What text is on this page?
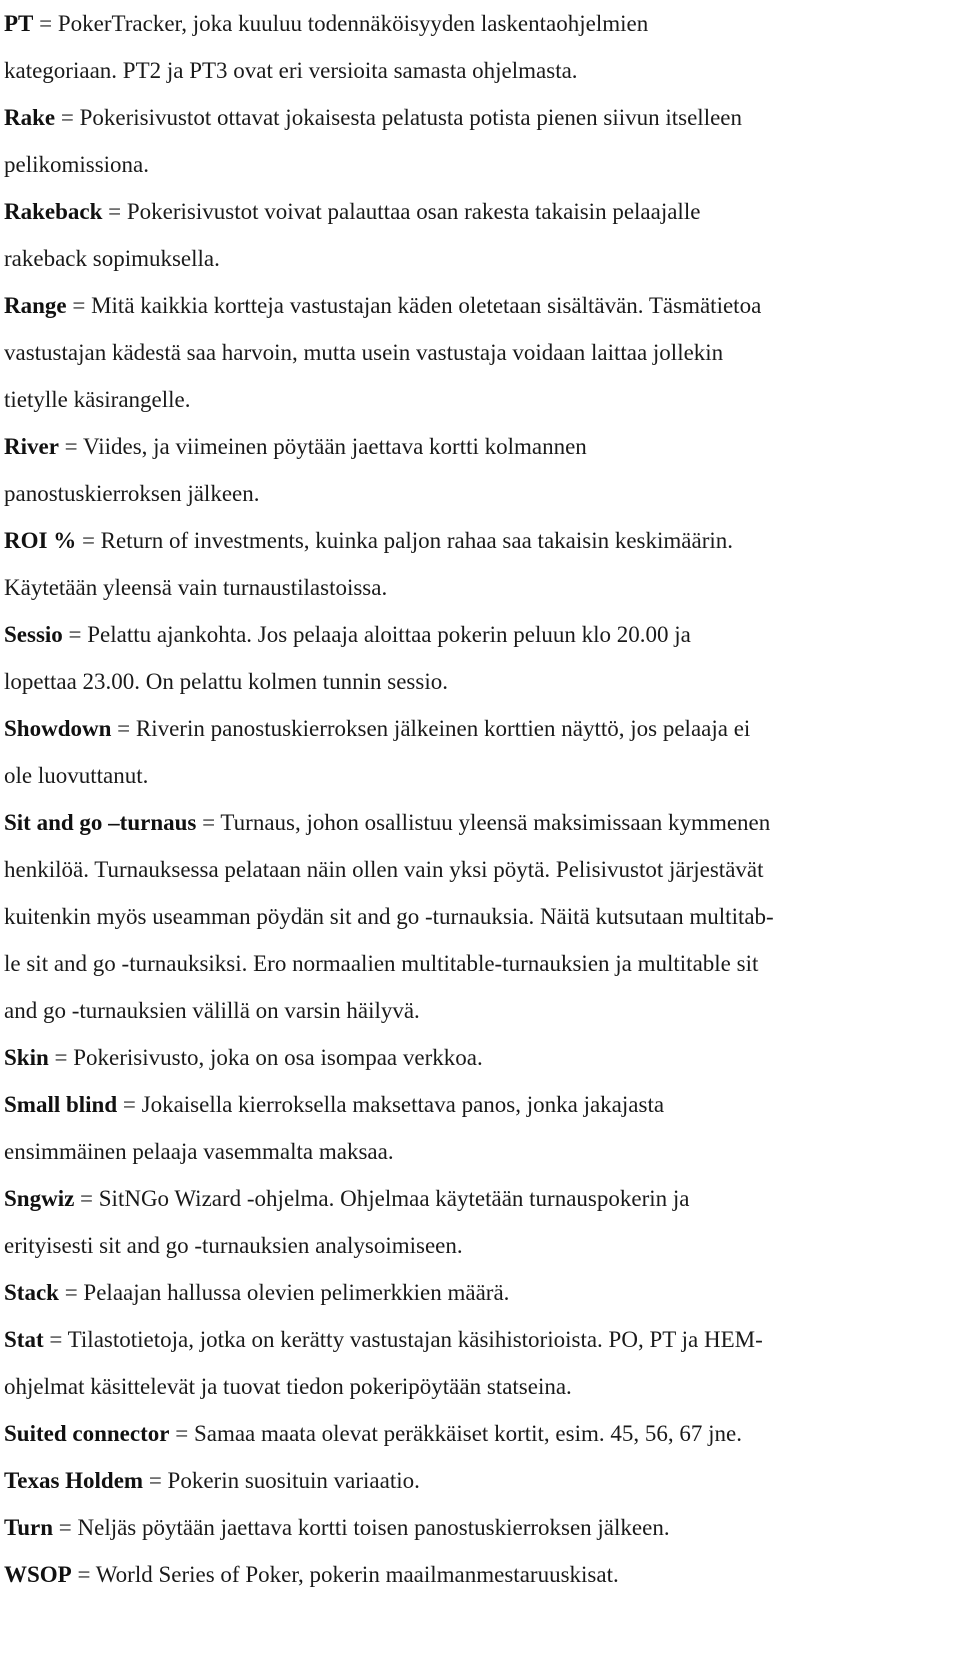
PT = PokerTracker, joka kuuluu todennäköisyyden laskentaohjelmien
kategoriaan. PT2 ja PT3 ovat eri versioita samasta ohjelmasta.
Rake = Pokerisivustot ottavat jokaisesta pelatusta potista pienen siivun itselleen
pelikomissiona.
Rakeback = Pokerisivustot voivat palauttaa osan rakesta takaisin pelaajalle
rakeback sopimuksella.
Range = Mitä kaikkia kortteja vastustajan käden oletetaan sisältävän. Täsmätietoa
vastustajan kädestä saa harvoin, mutta usein vastustaja voidaan laittaa jollekin
tietylle käsirangelle.
River = Viides, ja viimeinen pöytään jaettava kortti kolmannen
panostuskierroksen jälkeen.
ROI % = Return of investments, kuinka paljon rahaa saa takaisin keskimäärin.
Käytetään yleensä vain turnaustilastoissa.
Sessio = Pelattu ajankohta. Jos pelaaja aloittaa pokerin peluun klo 20.00 ja
lopettaa 23.00. On pelattu kolmen tunnin sessio.
Showdown = Riverin panostuskierroksen jälkeinen korttien näyttö, jos pelaaja ei
ole luovuttanut.
Sit and go –turnaus = Turnaus, johon osallistuu yleensä maksimissaan kymmenen
henkilöä. Turnauksessa pelataan näin ollen vain yksi pöytä. Pelisivustot järjestävät
kuitenkin myös useamman pöydän sit and go -turnauksia. Näitä kutsutaan multitab-
le sit and go -turnauksiksi. Ero normaalien multitable-turnauksien ja multitable sit
and go -turnauksien välillä on varsin häilyvä.
Skin = Pokerisivusto, joka on osa isompaa verkkoa.
Small blind = Jokaisella kierroksella maksettava panos, jonka jakajasta
ensimmäinen pelaaja vasemmalta maksaa.
Sngwiz = SitNGo Wizard -ohjelma. Ohjelmaa käytetään turnauspokerin ja
erityisesti sit and go -turnauksien analysoimiseen.
Stack = Pelaajan hallussa olevien pelimerkkien määrä.
Stat = Tilastotietoja, jotka on kerätty vastustajan käsihistorioista. PO, PT ja HEM-
ohjelmat käsittelevät ja tuovat tiedon pokeripöytään statseina.
Suited connector = Samaa maata olevat peräkkäiset kortit, esim. 45, 56, 67 jne.
Texas Holdem = Pokerin suosituin variaatio.
Turn = Neljäs pöytään jaettava kortti toisen panostuskierroksen jälkeen.
WSOP = World Series of Poker, pokerin maailmanmestaruuskisat.
